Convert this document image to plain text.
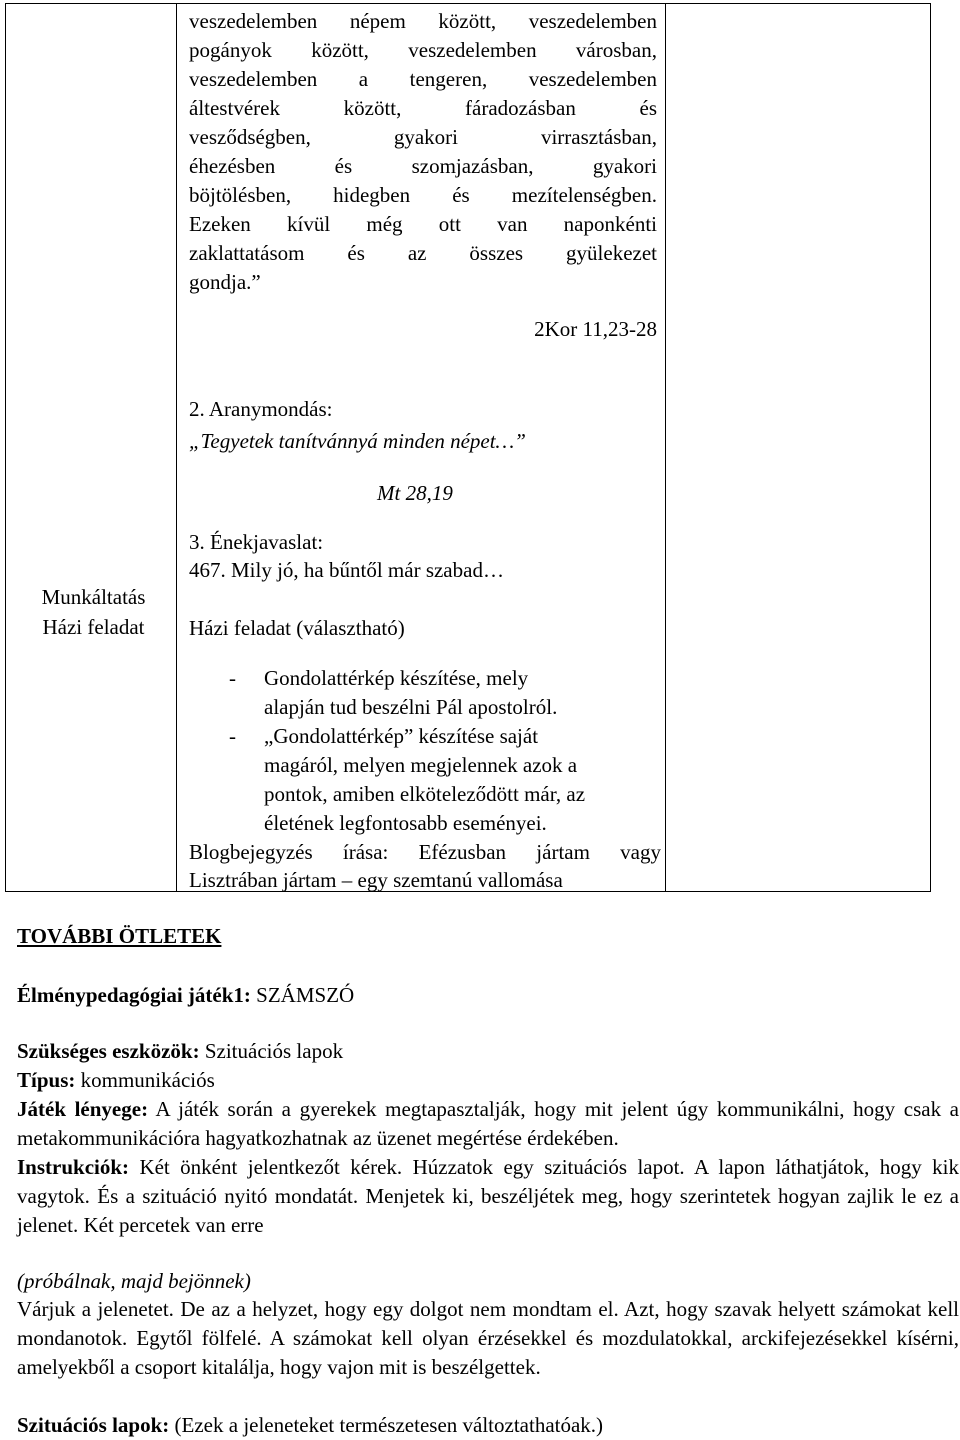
Munkáltatás
Házi feladat
veszedelemben népem között, veszedelemben
pogányok között, veszedelemben városban,
veszedelemben a tengeren, veszedelemben
áltestvérek között, fáradozásban és
vesződségben, gyakori virrasztásban,
éhezésben és szomjazásban, gyakori
böjtölésben, hidegben és mezítelenségben.
Ezeken kívül még ott van naponkénti
zaklattatásom és az összes gyülekezet
gondja.”
2Kor 11,23-28
2. Aranymondás:
„Tegyetek tanítvánnyá minden népet…”
Mt 28,19
3. Énekjavaslat:
467. Mily jó, ha bűntől már szabad…
Házi feladat (választható)
- Gondolattérkép készítése, mely
alapján tud beszélni Pál apostolról.
- „Gondolattérkép” készítése saját
magáról, melyen megjelennek azok a
pontok, amiben elköteleződött már, az
életének legfontosabb eseményei.
Blogbejegyzés írása: Efézusban jártam vagy
Lisztrában jártam – egy szemtanú vallomása
TOVÁBBI ÖTLETEK
Élménypedagógiai játék1: SZÁMSZÓ
Szükséges eszközök: Szituációs lapok
Típus: kommunikációs
Játék lényege: A játék során a gyerekek megtapasztalják, hogy mit jelent úgy kommunikálni, hogy csak a metakommunikációra hagyatkozhatnak az üzenet megértése érdekében.
Instrukciók: Két önként jelentkezőt kérek. Húzzatok egy szituációs lapot. A lapon láthatjátok, hogy kik vagytok. És a szituáció nyitó mondatát. Menjetek ki, beszéljétek meg, hogy szerintetek hogyan zajlik le ez a jelenet. Két percetek van erre
(próbálnak, majd bejönnek)
Várjuk a jelenetet. De az a helyzet, hogy egy dolgot nem mondtam el. Azt, hogy szavak helyett számokat kell mondanotok. Egytől fölfelé. A számokat kell olyan érzésekkel és mozdulatokkal, arckifejezésekkel kísérni, amelyekből a csoport kitalálja, hogy vajon mit is beszélgettek.
Szituációs lapok: (Ezek a jeleneteket természetesen változtathatóak.)
